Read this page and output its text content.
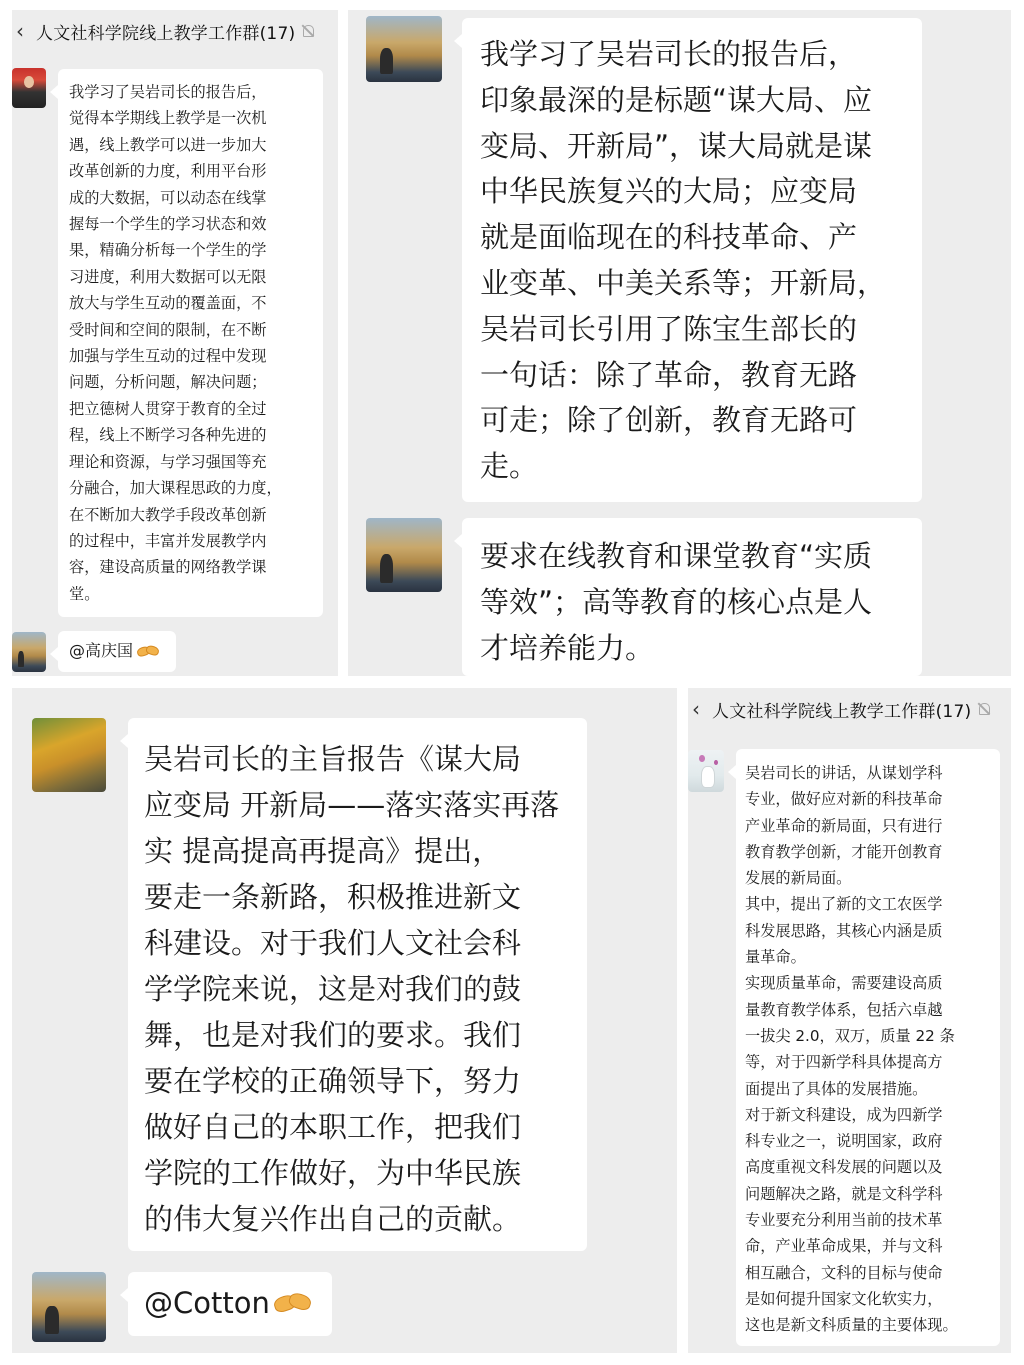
‹ 人文社科学院线上教学工作群(17)
我学习了吴岩司长的报告后，
觉得本学期线上教学是一次机
遇，线上教学可以进一步加大
改革创新的力度，利用平台形
成的大数据，可以动态在线掌
握每一个学生的学习状态和效
果，精确分析每一个学生的学
习进度，利用大数据可以无限
放大与学生互动的覆盖面，不
受时间和空间的限制，在不断
加强与学生互动的过程中发现
问题，分析问题，解决问题；
把立德树人贯穿于教育的全过
程，线上不断学习各种先进的
理论和资源，与学习强国等充
分融合，加大课程思政的力度，
在不断加大教学手段改革创新
的过程中，丰富并发展教学内
容，建设高质量的网络教学课
堂。
@高庆国
我学习了吴岩司长的报告后，
印象最深的是标题“谋大局、应
变局、开新局”，谋大局就是谋
中华民族复兴的大局；应变局
就是面临现在的科技革命、产
业变革、中美关系等；开新局，
吴岩司长引用了陈宝生部长的
一句话：除了革命，教育无路
可走；除了创新，教育无路可
走。
要求在线教育和课堂教育“实质
等效”；高等教育的核心点是人
才培养能力。
吴岩司长的主旨报告《谋大局
应变局 开新局——落实落实再落
实 提高提高再提高》提出，
要走一条新路，积极推进新文
科建设。对于我们人文社会科
学学院来说，这是对我们的鼓
舞，也是对我们的要求。我们
要在学校的正确领导下，努力
做好自己的本职工作，把我们
学院的工作做好，为中华民族
的伟大复兴作出自己的贡献。
@Cotton
‹ 人文社科学院线上教学工作群(17)
吴岩司长的讲话，从谋划学科
专业，做好应对新的科技革命
产业革命的新局面，只有进行
教育教学创新，才能开创教育
发展的新局面。
其中，提出了新的文工农医学
科发展思路，其核心内涵是质
量革命。
实现质量革命，需要建设高质
量教育教学体系，包括六卓越
一拔尖 2.0，双万，质量 22 条
等，对于四新学科具体提高方
面提出了具体的发展措施。
对于新文科建设，成为四新学
科专业之一，说明国家，政府
高度重视文科发展的问题以及
问题解决之路，就是文科学科
专业要充分利用当前的技术革
命，产业革命成果，并与文科
相互融合，文科的目标与使命
是如何提升国家文化软实力，
这也是新文科质量的主要体现。
